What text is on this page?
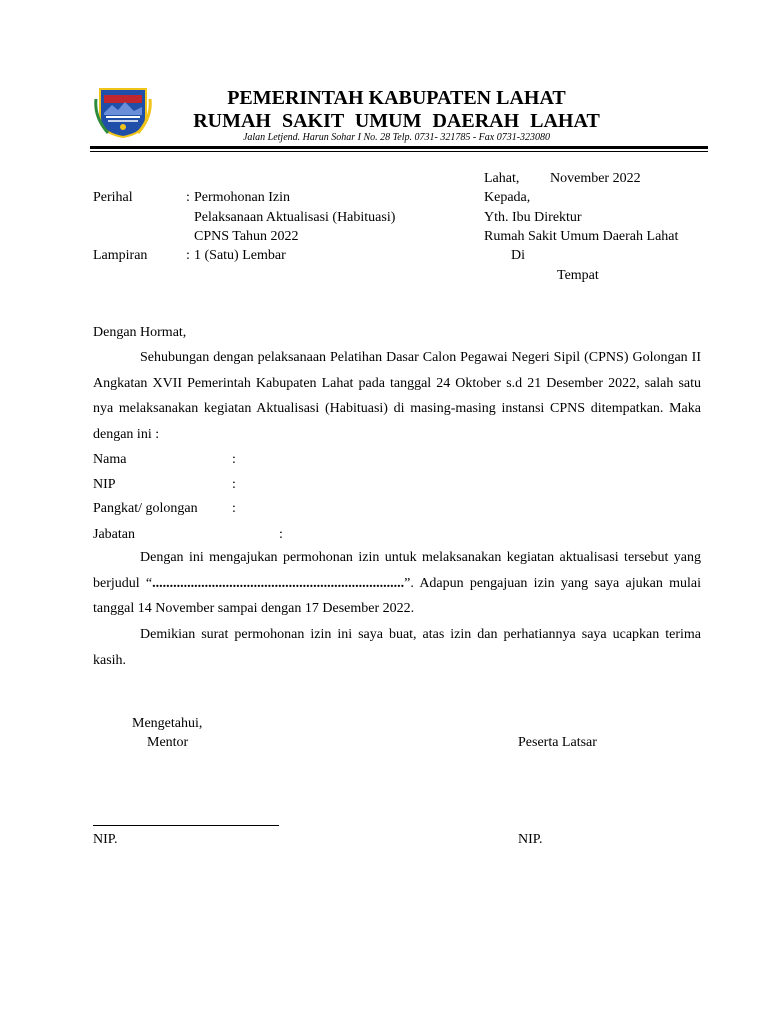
PEMERINTAH KABUPATEN LAHAT
RUMAH SAKIT UMUM DAERAH LAHAT
Jalan Letjend. Harun Sohar I No. 28 Telp. 0731- 321785 - Fax 0731-323080
Lahat, November 2022
Kepada,
Yth. Ibu Direktur
Rumah Sakit Umum Daerah Lahat
Di
Tempat
Perihal	: Permohonan Izin
Pelaksanaan Aktualisasi (Habituasi)
CPNS Tahun 2022
Lampiran	: 1 (Satu) Lembar
Dengan Hormat,
Sehubungan dengan pelaksanaan Pelatihan Dasar Calon Pegawai Negeri Sipil (CPNS) Golongan II Angkatan XVII Pemerintah Kabupaten Lahat pada tanggal 24 Oktober s.d 21 Desember 2022, salah satu nya melaksanakan kegiatan Aktualisasi (Habituasi) di masing-masing instansi CPNS ditempatkan. Maka dengan ini :
Nama	:
NIP	:
Pangkat/ golongan :
Jabatan	:
Dengan ini mengajukan permohonan izin untuk melaksanakan kegiatan aktualisasi tersebut yang berjudul “........................................................................”. Adapun pengajuan izin yang saya ajukan mulai tanggal 14 November sampai dengan 17 Desember 2022.
Demikian surat permohonan izin ini saya buat, atas izin dan perhatiannya saya ucapkan terima kasih.
Mengetahui,
Mentor	Peserta Latsar
NIP.	NIP.
